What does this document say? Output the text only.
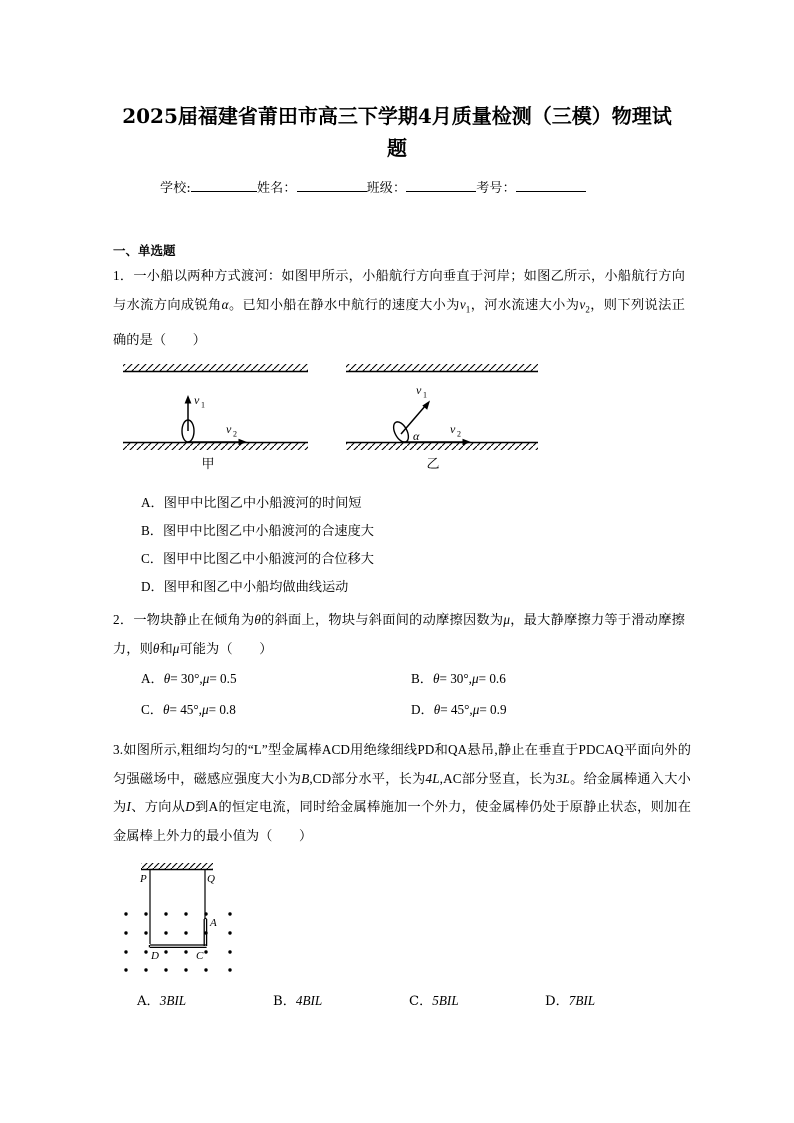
2025届福建省莆田市高三下学期4月质量检测（三模）物理试题
学校:	姓名：	班级：	考号：
一、单选题
1．一小船以两种方式渡河：如图甲所示，小船航行方向垂直于河岸；如图乙所示，小船航行方向与水流方向成锐角α。已知小船在静水中航行的速度大小为$v_1$，河水流速大小为$v_2$，则下列说法正确的是（　　）
v 1
v 2
甲
v 1
α	v 2
乙
A．图甲中比图乙中小船渡河的时间短
B．图甲中比图乙中小船渡河的合速度大
C．图甲中比图乙中小船渡河的合位移大
D．图甲和图乙中小船均做曲线运动
2．一物块静止在倾角为θ的斜面上，物块与斜面间的动摩擦因数为μ，最大静摩擦力等于滑动摩擦力，则θ和μ可能为（　　）
A．θ= 30°,μ= 0.5	B．θ= 30°,μ= 0.6
C．θ= 45°,μ= 0.8	D．θ= 45°,μ= 0.9
3.如图所示,粗细均匀的“L”型金属棒ACD用绝缘细线PD和QA悬吊,静止在垂直于PDCAQ平面向外的匀强磁场中，磁感应强度大小为B,CD部分水平，长为4L,AC部分竖直，长为3L。给金属棒通入大小为I、方向从D到A的恒定电流，同时给金属棒施加一个外力，使金属棒仍处于原静止状态，则加在金属棒上外力的最小值为（　　）
P	Q
A
C
D
A．3BIL	B．4BIL	C．5BIL	D．7BIL
